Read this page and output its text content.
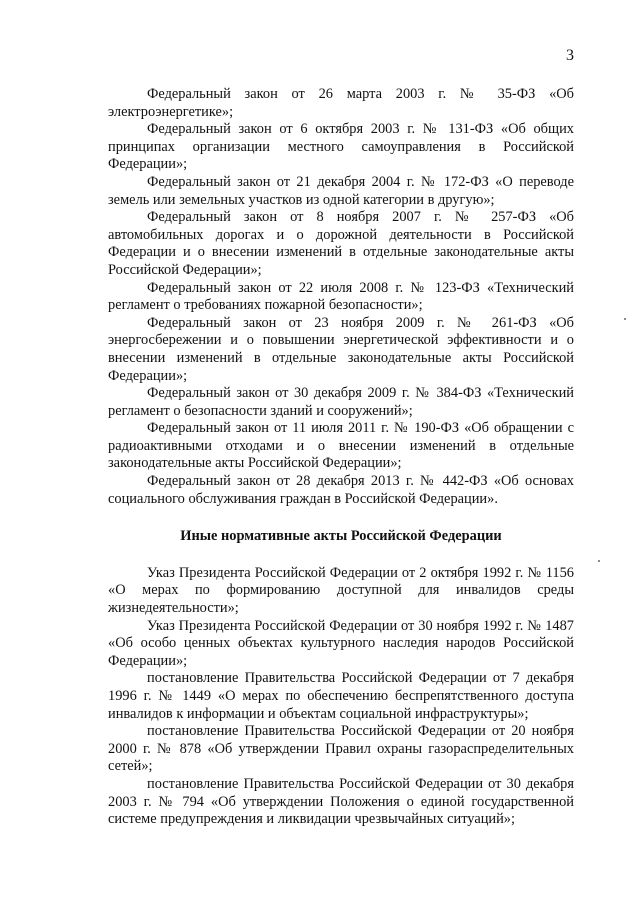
3

Федеральный закон от 26 марта 2003 г. № 35-ФЗ «Об электроэнергетике»;

Федеральный закон от 6 октября 2003 г. № 131-ФЗ «Об общих принципах организации местного самоуправления в Российской Федерации»;

Федеральный закон от 21 декабря 2004 г. № 172-ФЗ «О переводе земель или земельных участков из одной категории в другую»;

Федеральный закон от 8 ноября 2007 г. № 257-ФЗ «Об автомобильных дорогах и о дорожной деятельности в Российской Федерации и о внесении изменений в отдельные законодательные акты Российской Федерации»;

Федеральный закон от 22 июля 2008 г. № 123-ФЗ «Технический регламент о требованиях пожарной безопасности»;

Федеральный закон от 23 ноября 2009 г. № 261-ФЗ «Об энергосбережении и о повышении энергетической эффективности и о внесении изменений в отдельные законодательные акты Российской Федерации»;

Федеральный закон от 30 декабря 2009 г. № 384-ФЗ «Технический регламент о безопасности зданий и сооружений»;

Федеральный закон от 11 июля 2011 г. № 190-ФЗ «Об обращении с радиоактивными отходами и о внесении изменений в отдельные законодательные акты Российской Федерации»;

Федеральный закон от 28 декабря 2013 г. № 442-ФЗ «Об основах социального обслуживания граждан в Российской Федерации».

Иные нормативные акты Российской Федерации

Указ Президента Российской Федерации от 2 октября 1992 г. № 1156 «О мерах по формированию доступной для инвалидов среды жизнедеятельности»;

Указ Президента Российской Федерации от 30 ноября 1992 г. № 1487 «Об особо ценных объектах культурного наследия народов Российской Федерации»;

постановление Правительства Российской Федерации от 7 декабря 1996 г. № 1449 «О мерах по обеспечению беспрепятственного доступа инвалидов к информации и объектам социальной инфраструктуры»;

постановление Правительства Российской Федерации от 20 ноября 2000 г. № 878 «Об утверждении Правил охраны газораспределительных сетей»;

постановление Правительства Российской Федерации от 30 декабря 2003 г. № 794 «Об утверждении Положения о единой государственной системе предупреждения и ликвидации чрезвычайных ситуаций»;
